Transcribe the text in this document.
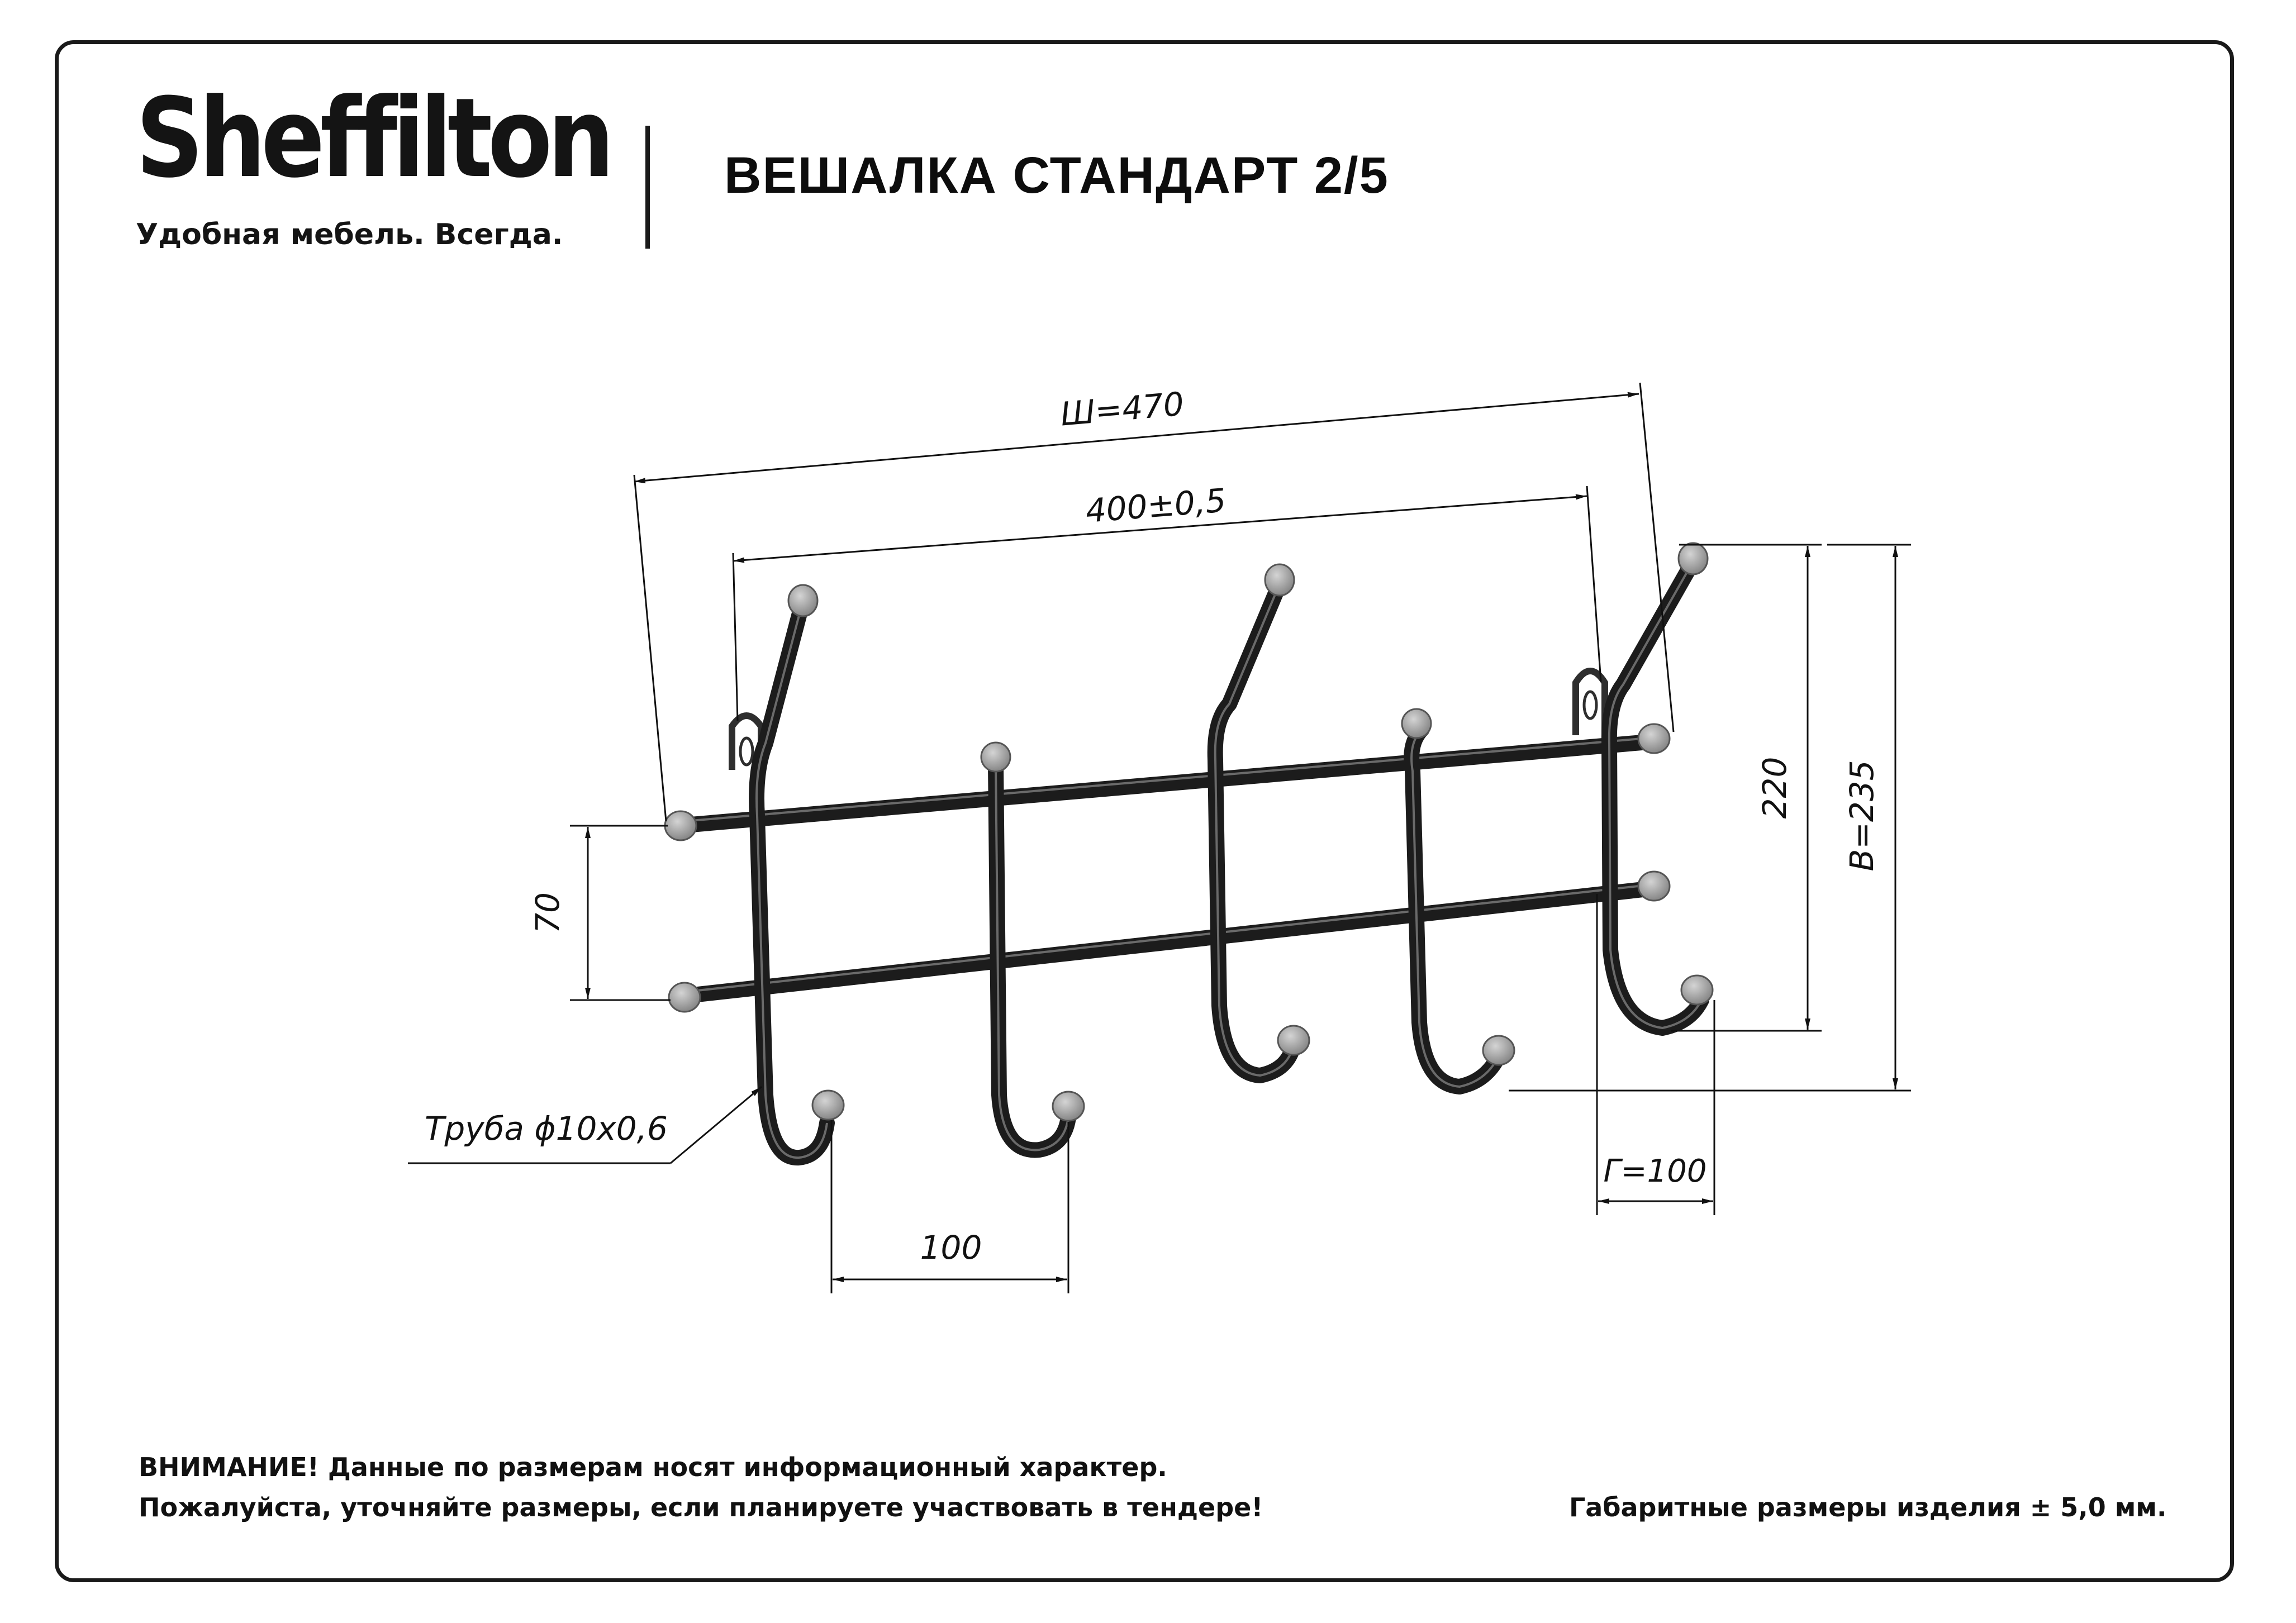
Sheffilton
Удобная мебель. Всегда.
ВЕШАЛКА СТАНДАРТ 2/5
Ш=470
400±0,5
70
220 В=235
Г=100
100
Труба ϕ10х0,6
ВНИМАНИЕ! Данные по размерам носят информационный характер.
Пожалуйста, уточняйте размеры, если планируете участвовать в тендере!	Габаритные размеры изделия ± 5,0 мм.
